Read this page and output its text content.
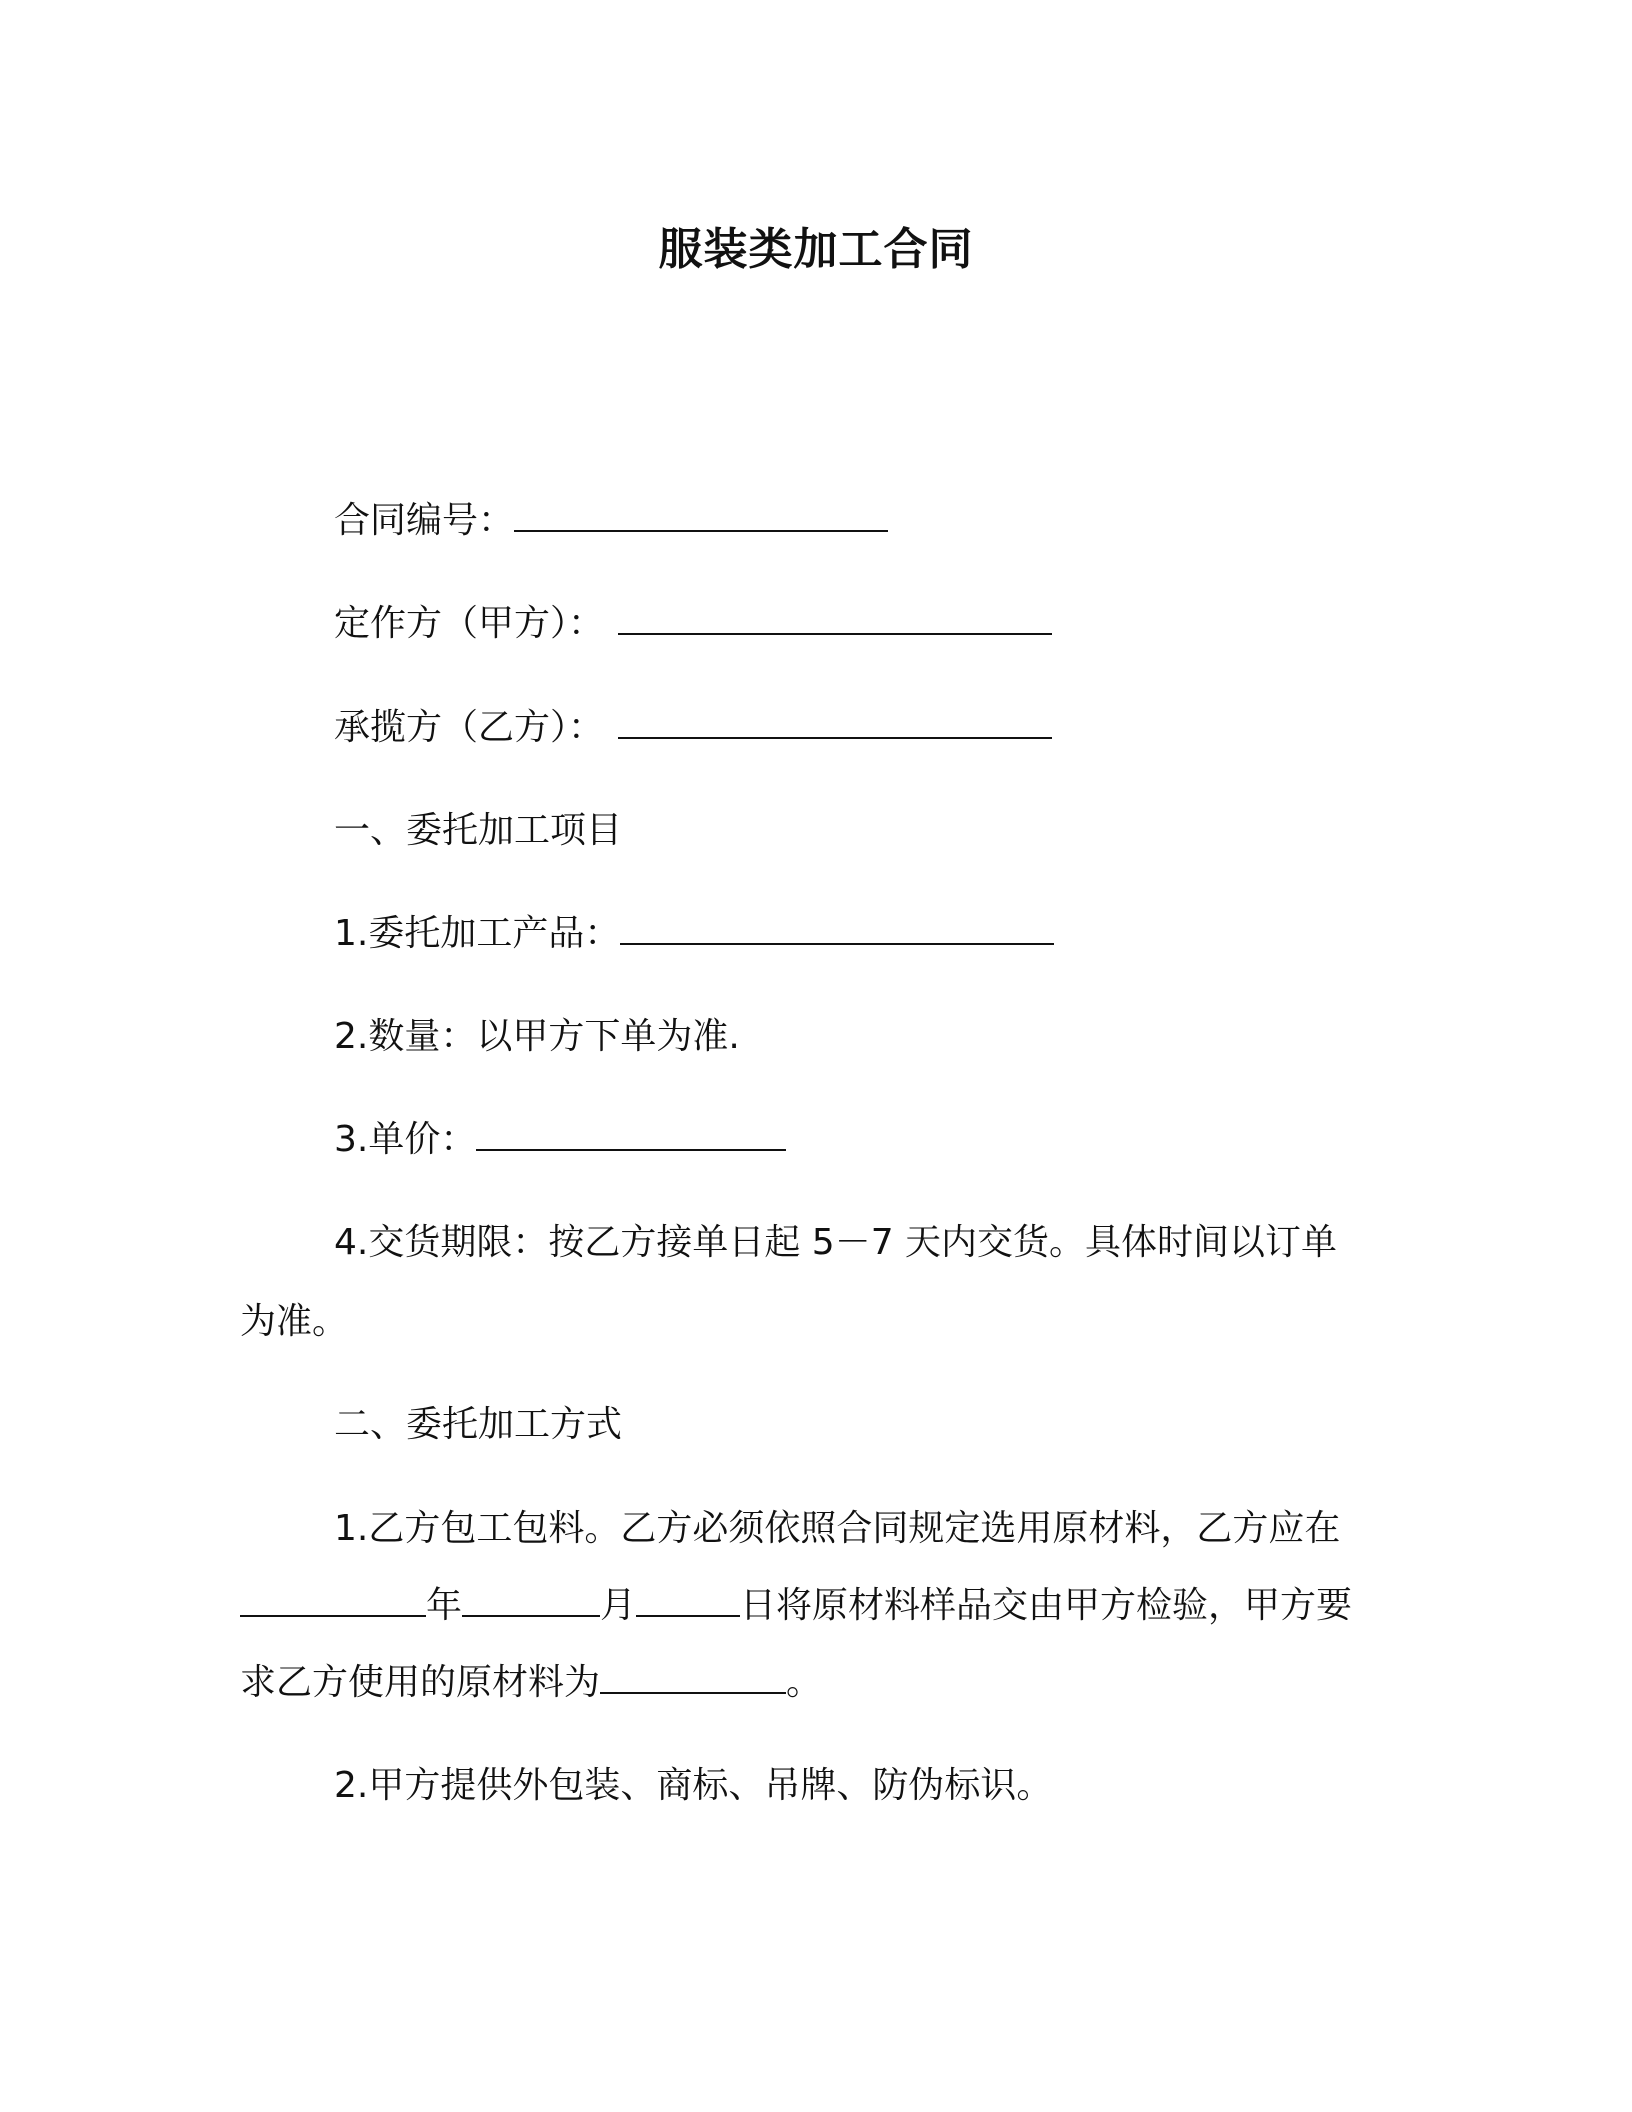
服装类加工合同
合同编号：
定作方（甲方）：
承揽方（乙方）：
一、委托加工项目
1.委托加工产品：
2.数量：以甲方下单为准.
3.单价：
4.交货期限：按乙方接单日起 5－7 天内交货。具体时间以订单
为准。
二、委托加工方式
1.乙方包工包料。乙方必须依照合同规定选用原材料，乙方应在
年	月	日将原材料样品交由甲方检验，甲方要
求乙方使用的原材料为	。
2.甲方提供外包装、商标、吊牌、防伪标识。
